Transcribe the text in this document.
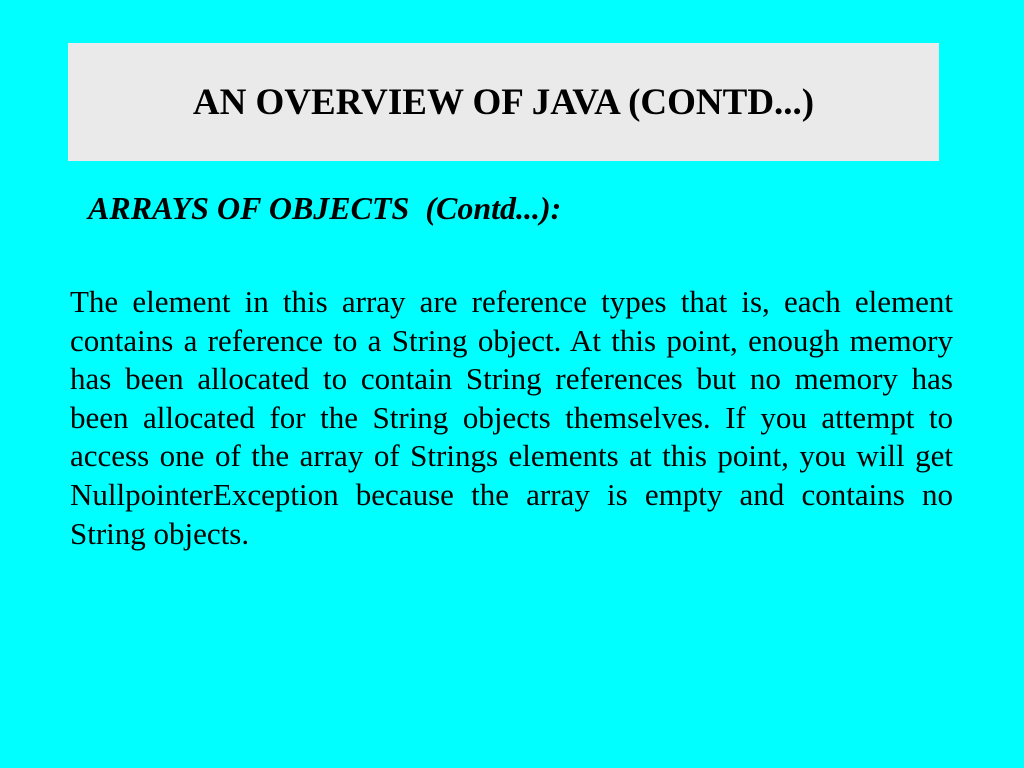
AN OVERVIEW OF JAVA (CONTD...)

ARRAYS OF OBJECTS  (Contd...):

The element in this array are reference types that is, each element contains a reference to a String object. At this point, enough memory has been allocated to contain String references but no memory has been allocated for the String objects themselves. If you attempt to access one of the array of Strings elements at this point, you will get NullpointerException because the array is empty and contains no String objects.
